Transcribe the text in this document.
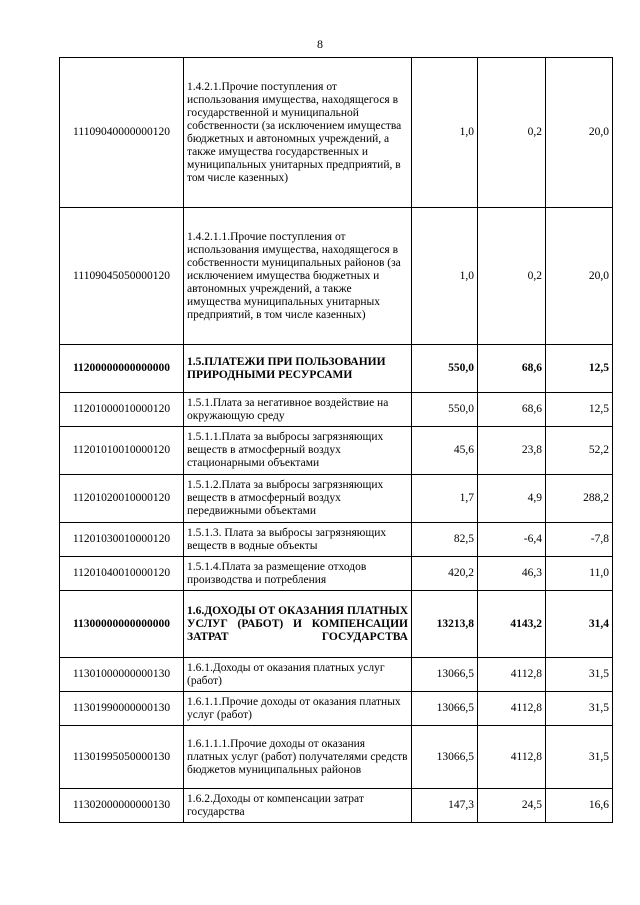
8
11109040000000120	1.4.2.1.Прочие поступления от использования имущества, находящегося в государственной и муниципальной собственности (за исключением имущества бюджетных и автономных учреждений, а также имущества государственных и муниципальных унитарных предприятий, в том числе казенных)	1,0	0,2	20,0
11109045050000120	1.4.2.1.1.Прочие поступления от использования имущества, находящегося в собственности муниципальных районов (за исключением имущества бюджетных и автономных учреждений, а также имущества муниципальных унитарных предприятий, в том числе казенных)	1,0	0,2	20,0
11200000000000000	1.5.ПЛАТЕЖИ ПРИ ПОЛЬЗОВАНИИ ПРИРОДНЫМИ РЕСУРСАМИ	550,0	68,6	12,5
11201000010000120	1.5.1.Плата за негативное воздействие на окружающую среду	550,0	68,6	12,5
11201010010000120	1.5.1.1.Плата за выбросы загрязняющих веществ в атмосферный воздух стационарными объектами	45,6	23,8	52,2
11201020010000120	1.5.1.2.Плата за выбросы загрязняющих веществ в атмосферный воздух передвижными объектами	1,7	4,9	288,2
11201030010000120	1.5.1.3. Плата за выбросы загрязняющих веществ в водные объекты	82,5	-6,4	-7,8
11201040010000120	1.5.1.4.Плата за размещение отходов производства и потребления	420,2	46,3	11,0
11300000000000000	1.6.ДОХОДЫ ОТ ОКАЗАНИЯ ПЛАТНЫХ УСЛУГ (РАБОТ) И КОМПЕНСАЦИИ ЗАТРАТ ГОСУДАРСТВА	13213,8	4143,2	31,4
11301000000000130	1.6.1.Доходы от оказания платных услуг (работ)	13066,5	4112,8	31,5
11301990000000130	1.6.1.1.Прочие доходы от оказания платных услуг (работ)	13066,5	4112,8	31,5
11301995050000130	1.6.1.1.1.Прочие доходы от оказания платных услуг (работ) получателями средств бюджетов муниципальных районов	13066,5	4112,8	31,5
11302000000000130	1.6.2.Доходы от компенсации затрат государства	147,3	24,5	16,6
